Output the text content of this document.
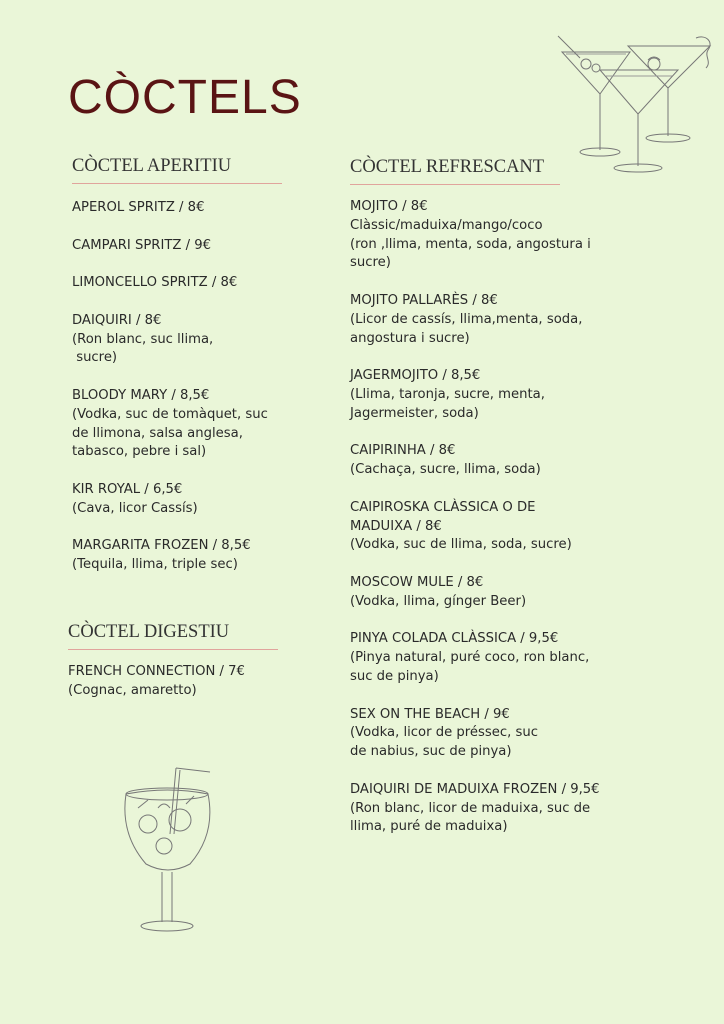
CÒCTELS
CÒCTEL APERITIU
APEROL SPRITZ / 8€
CAMPARI SPRITZ / 9€
LIMONCELLO SPRITZ / 8€
DAIQUIRI / 8€
(Ron blanc, suc llima,
sucre)
BLOODY MARY / 8,5€
(Vodka, suc de tomàquet, suc
de llimona, salsa anglesa,
tabasco, pebre i sal)
KIR ROYAL / 6,5€
(Cava, licor Cassís)
MARGARITA FROZEN / 8,5€
(Tequila, llima, triple sec)
CÒCTEL DIGESTIU
FRENCH CONNECTION / 7€
(Cognac, amaretto)
CÒCTEL REFRESCANT
MOJITO / 8€
Clàssic/maduixa/mango/coco
(ron ,llima, menta, soda, angostura i
sucre)
MOJITO PALLARÈS / 8€
(Licor de cassís, llima,menta, soda,
angostura i sucre)
JAGERMOJITO / 8,5€
(Llima, taronja, sucre, menta,
Jagermeister, soda)
CAIPIRINHA / 8€
(Cachaça, sucre, llima, soda)
CAIPIROSKA CLÀSSICA O DE
MADUIXA / 8€
(Vodka, suc de llima, soda, sucre)
MOSCOW MULE / 8€
(Vodka, llima, gínger Beer)
PINYA COLADA CLÀSSICA / 9,5€
(Pinya natural, puré coco, ron blanc,
suc de pinya)
SEX ON THE BEACH / 9€
(Vodka, licor de préssec, suc
de nabius, suc de pinya)
DAIQUIRI DE MADUIXA FROZEN / 9,5€
(Ron blanc, licor de maduixa, suc de
llima, puré de maduixa)
